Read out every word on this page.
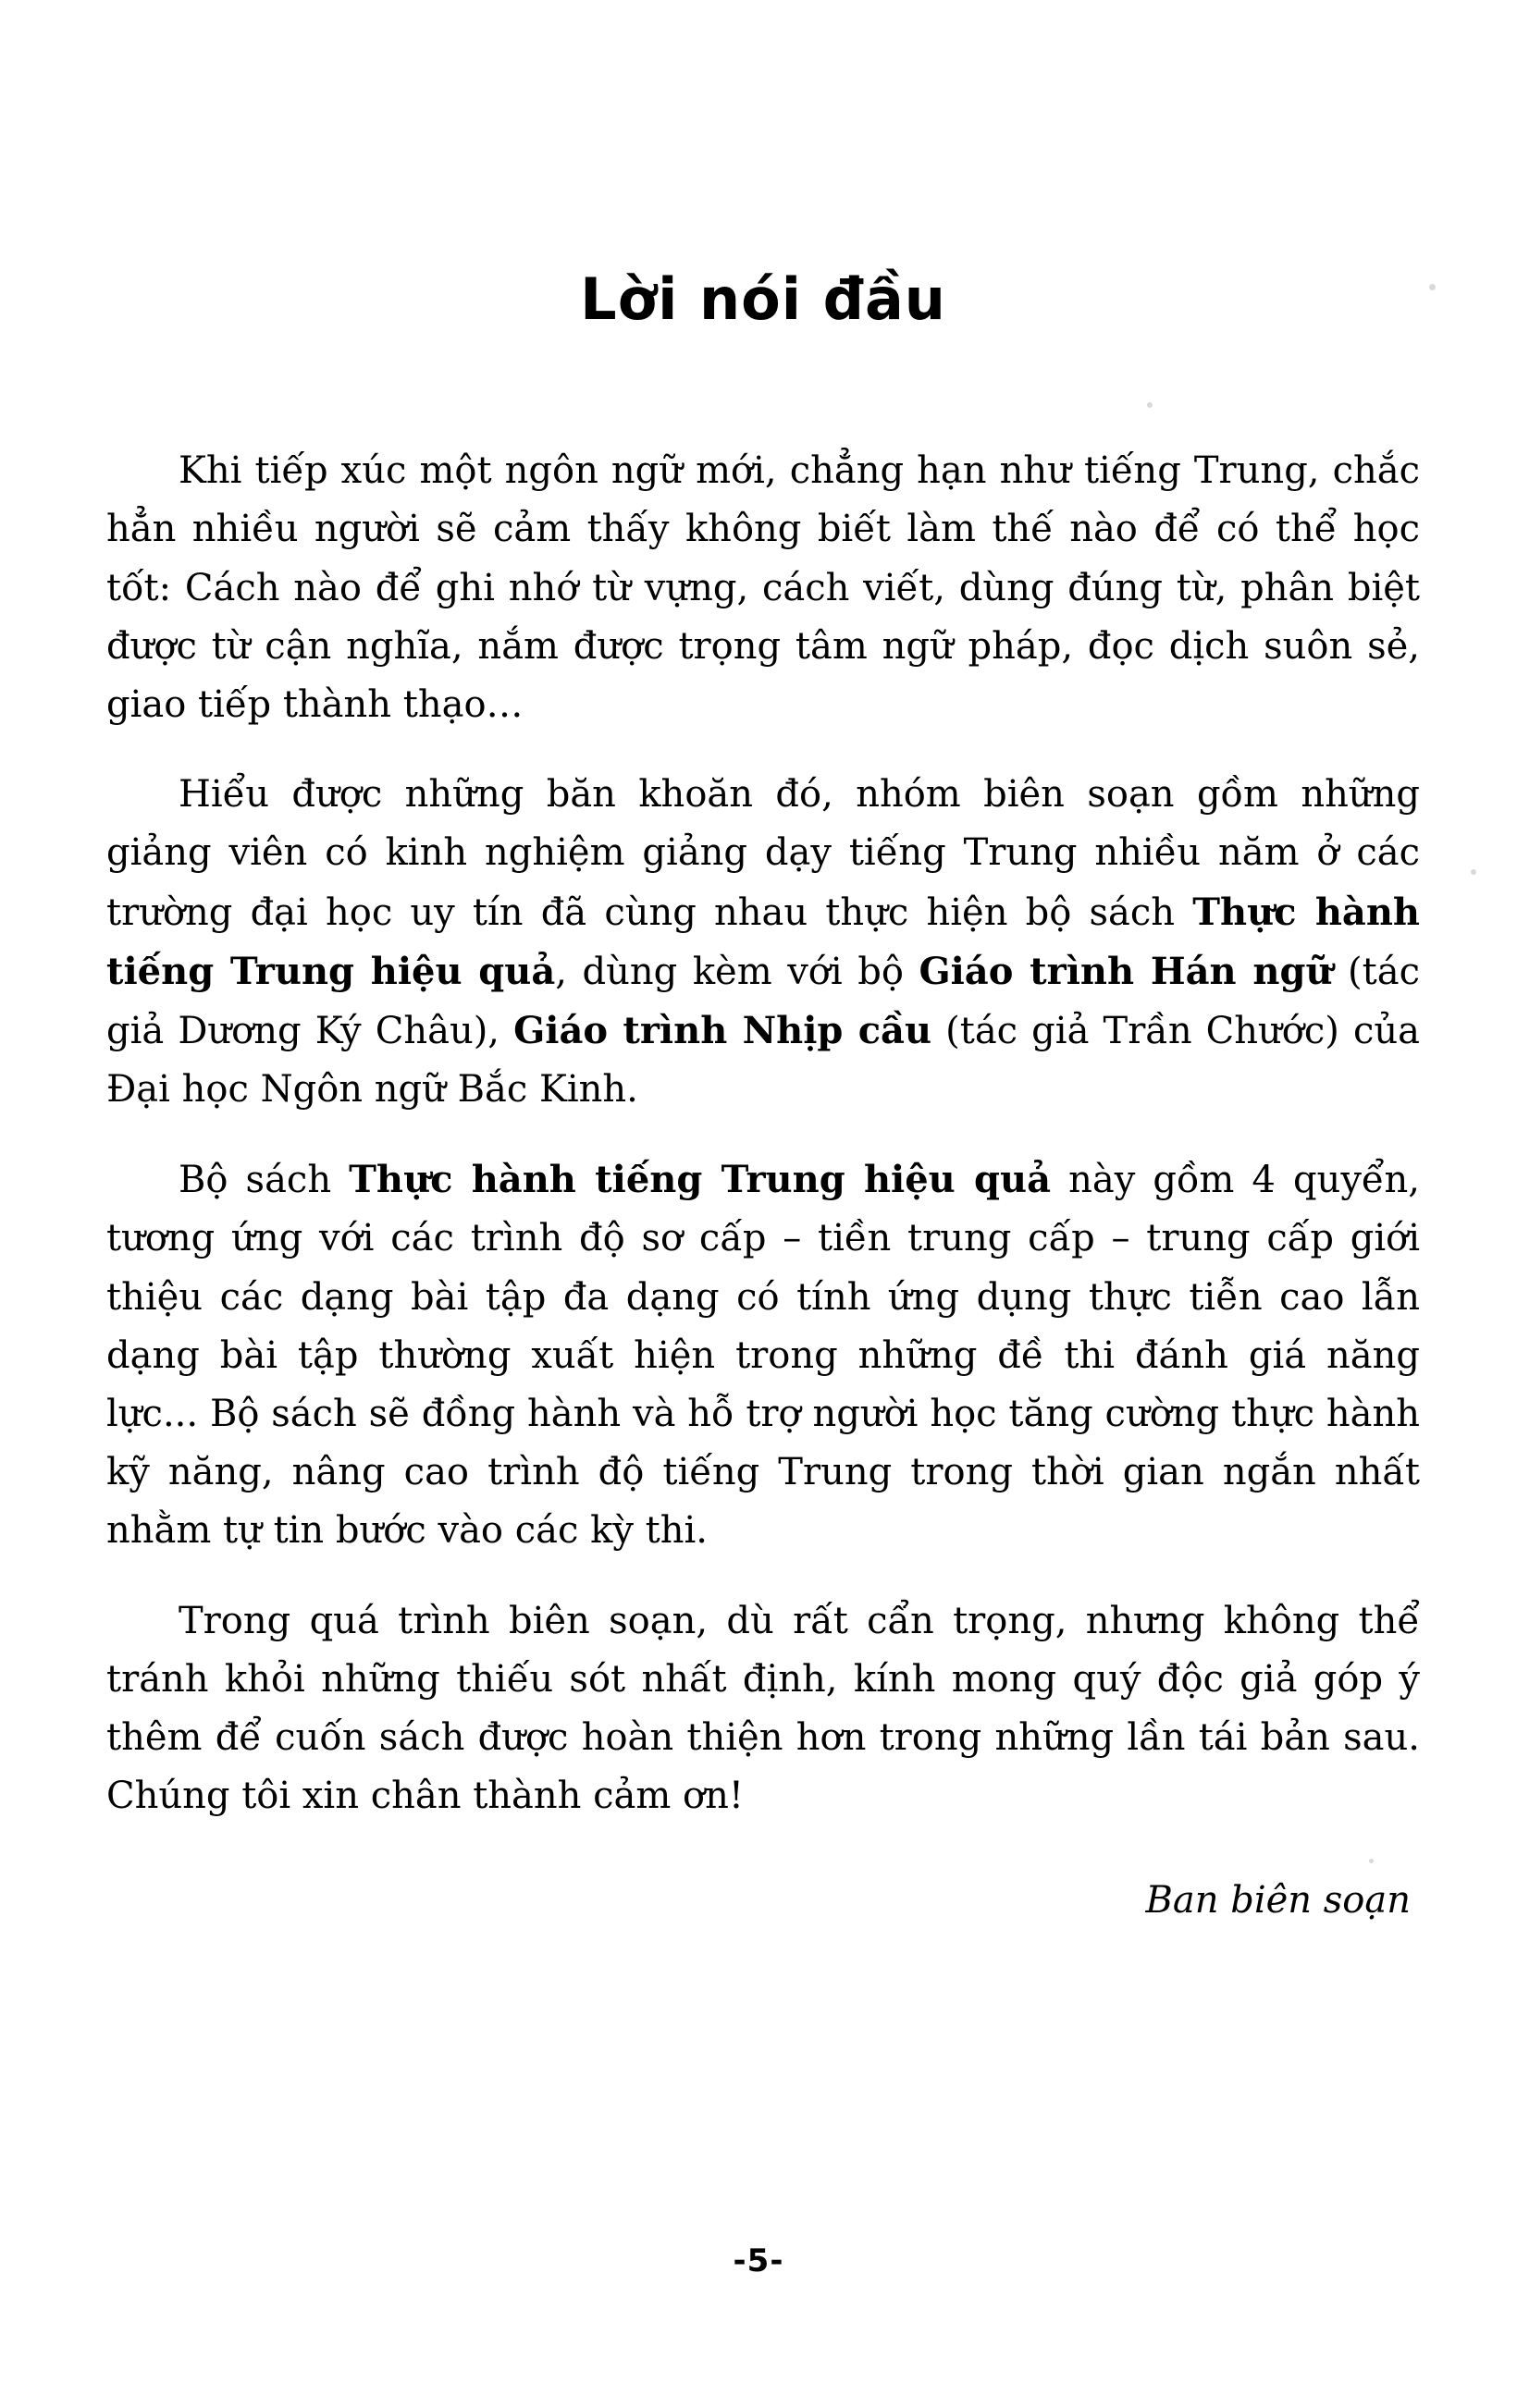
Lời nói đầu

Khi tiếp xúc một ngôn ngữ mới, chẳng hạn như tiếng Trung, chắc hẳn nhiều người sẽ cảm thấy không biết làm thế nào để có thể học tốt: Cách nào để ghi nhớ từ vựng, cách viết, dùng đúng từ, phân biệt được từ cận nghĩa, nắm được trọng tâm ngữ pháp, đọc dịch suôn sẻ, giao tiếp thành thạo…

Hiểu được những băn khoăn đó, nhóm biên soạn gồm những giảng viên có kinh nghiệm giảng dạy tiếng Trung nhiều năm ở các trường đại học uy tín đã cùng nhau thực hiện bộ sách Thực hành tiếng Trung hiệu quả, dùng kèm với bộ Giáo trình Hán ngữ (tác giả Dương Ký Châu), Giáo trình Nhịp cầu (tác giả Trần Chước) của Đại học Ngôn ngữ Bắc Kinh.

Bộ sách Thực hành tiếng Trung hiệu quả này gồm 4 quyển, tương ứng với các trình độ sơ cấp – tiền trung cấp – trung cấp giới thiệu các dạng bài tập đa dạng có tính ứng dụng thực tiễn cao lẫn dạng bài tập thường xuất hiện trong những đề thi đánh giá năng lực... Bộ sách sẽ đồng hành và hỗ trợ người học tăng cường thực hành kỹ năng, nâng cao trình độ tiếng Trung trong thời gian ngắn nhất nhằm tự tin bước vào các kỳ thi.

Trong quá trình biên soạn, dù rất cẩn trọng, nhưng không thể tránh khỏi những thiếu sót nhất định, kính mong quý độc giả góp ý thêm để cuốn sách được hoàn thiện hơn trong những lần tái bản sau. Chúng tôi xin chân thành cảm ơn!

Ban biên soạn

-5-
